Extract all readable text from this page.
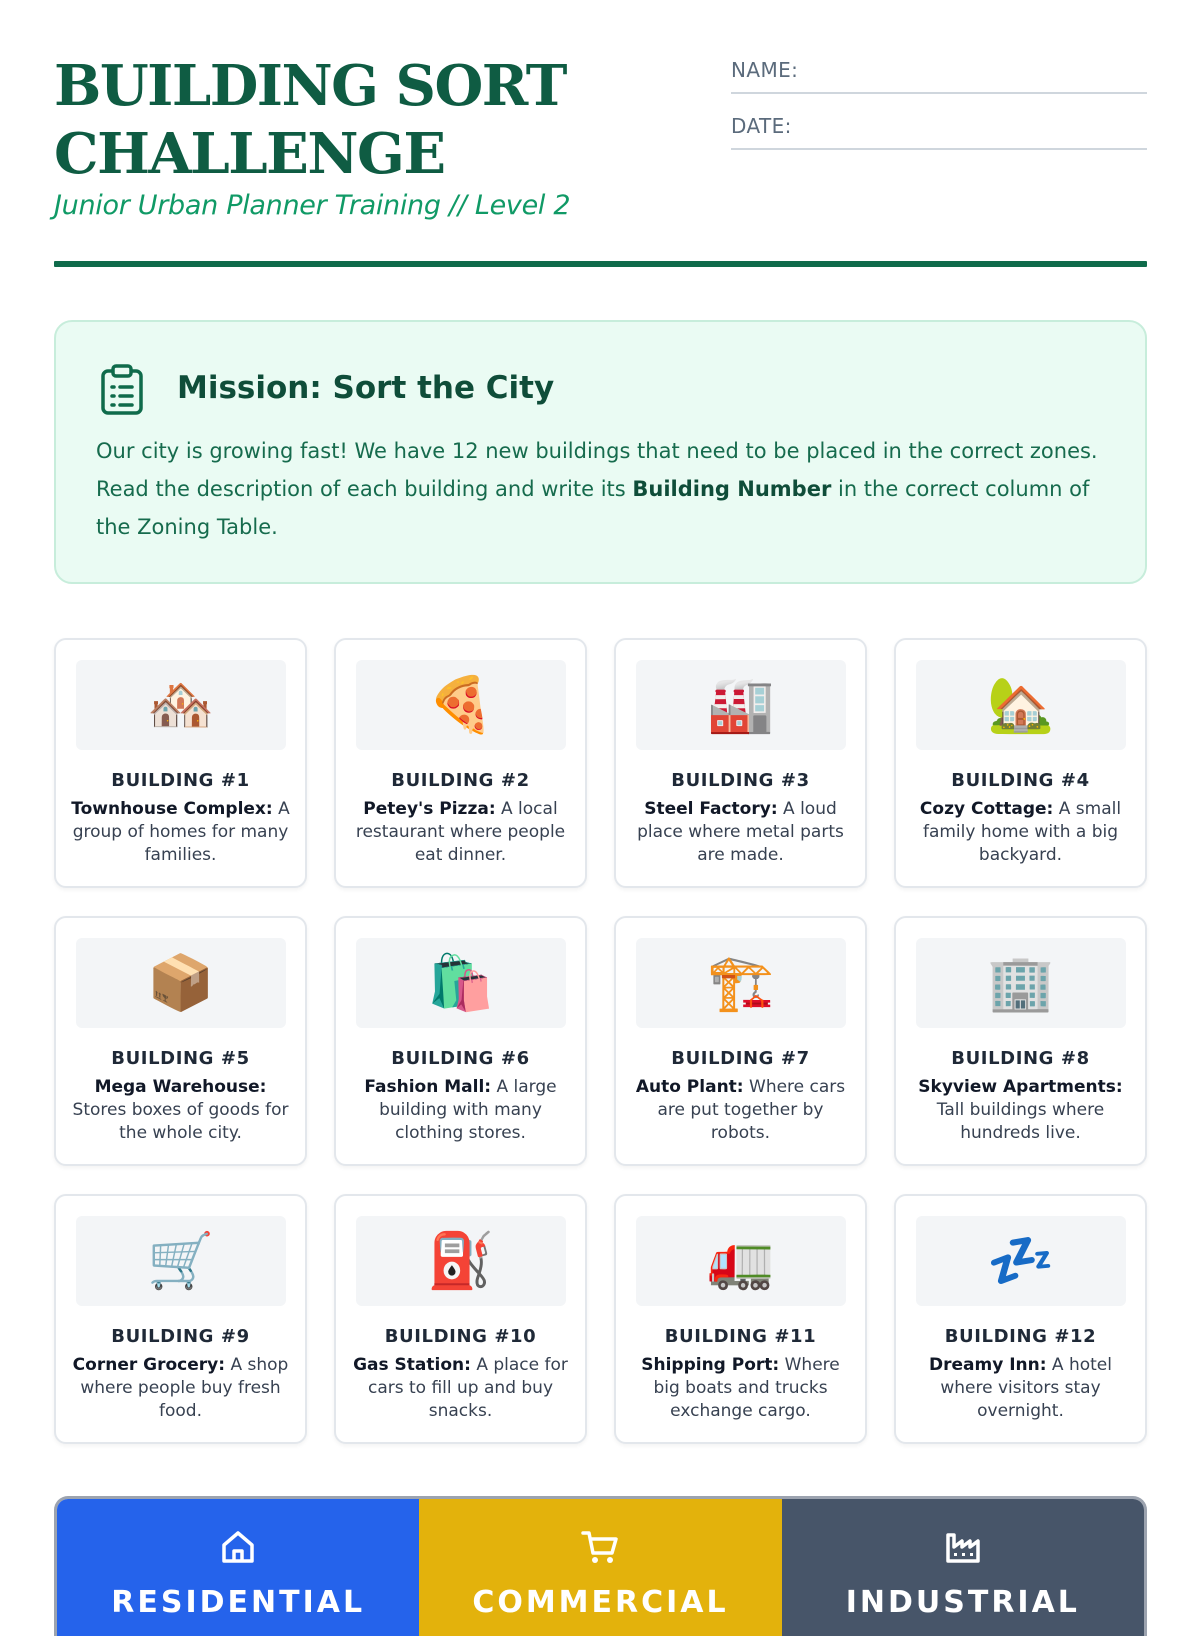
BUILDING SORT
CHALLENGE
Junior Urban Planner Training // Level 2
NAME:
DATE:
Mission: Sort the City
Our city is growing fast! We have 12 new buildings that need to be placed in the correct zones. Read the description of each building and write its Building Number in the correct column of the Zoning Table.
🏘️
BUILDING #1
Townhouse Complex: A group of homes for many families.
🍕
BUILDING #2
Petey's Pizza: A local restaurant where people eat dinner.
🏭
BUILDING #3
Steel Factory: A loud place where metal parts are made.
🏡
BUILDING #4
Cozy Cottage: A small family home with a big backyard.
📦
BUILDING #5
Mega Warehouse: Stores boxes of goods for the whole city.
🛍️
BUILDING #6
Fashion Mall: A large building with many clothing stores.
🏗️
BUILDING #7
Auto Plant: Where cars are put together by robots.
🏢
BUILDING #8
Skyview Apartments: Tall buildings where hundreds live.
🛒
BUILDING #9
Corner Grocery: A shop where people buy fresh food.
⛽
BUILDING #10
Gas Station: A place for cars to fill up and buy snacks.
🚛
BUILDING #11
Shipping Port: Where big boats and trucks exchange cargo.
💤
BUILDING #12
Dreamy Inn: A hotel where visitors stay overnight.
RESIDENTIAL	COMMERCIAL	INDUSTRIAL
